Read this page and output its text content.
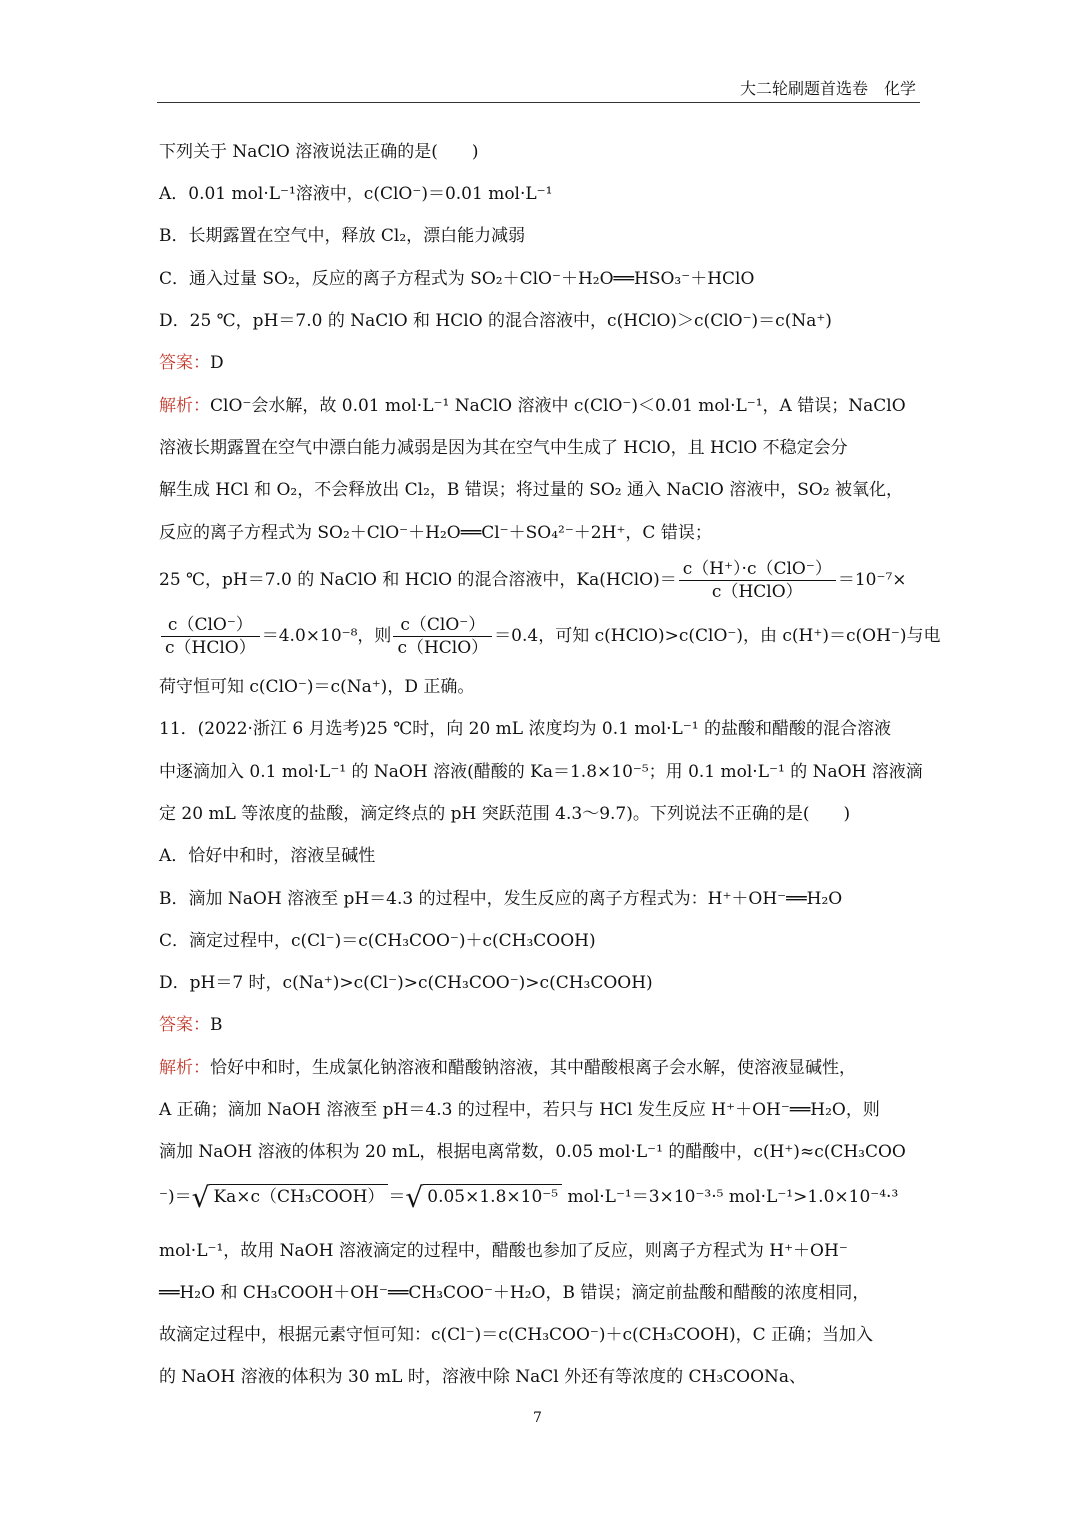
大二轮刷题首选卷　化学
下列关于 NaClO 溶液说法正确的是(　　)
A．0.01 mol·L⁻¹溶液中，c(ClO⁻)＝0.01 mol·L⁻¹
B．长期露置在空气中，释放 Cl₂，漂白能力减弱
C．通入过量 SO₂，反应的离子方程式为 SO₂＋ClO⁻＋H₂O══HSO₃⁻＋HClO
D．25 ℃，pH＝7.0 的 NaClO 和 HClO 的混合溶液中，c(HClO)＞c(ClO⁻)＝c(Na⁺)
答案：D
解析：ClO⁻会水解，故 0.01 mol·L⁻¹ NaClO 溶液中 c(ClO⁻)＜0.01 mol·L⁻¹，A 错误；NaClO
溶液长期露置在空气中漂白能力减弱是因为其在空气中生成了 HClO，且 HClO 不稳定会分
解生成 HCl 和 O₂，不会释放出 Cl₂，B 错误；将过量的 SO₂ 通入 NaClO 溶液中，SO₂ 被氧化，
反应的离子方程式为 SO₂＋ClO⁻＋H₂O══Cl⁻＋SO₄²⁻＋2H⁺，C 错误；
25 ℃，pH＝7.0 的 NaClO 和 HClO 的混合溶液中，Ka(HClO)＝ $\frac{\text{c（H⁺）·c（ClO⁻）}}{\text{c（HClO）}} =10^{-7}\times$
$\frac{\text{c（ClO⁻）}}{\text{c（HClO）}} =4.0\times 10^{-8}$，则 $\frac{\text{c（ClO⁻）}}{\text{c（HClO）}} =0.4$，可知 c(HClO)>c(ClO⁻)，由 c(H⁺)＝c(OH⁻)与电
荷守恒可知 c(ClO⁻)＝c(Na⁺)，D 正确。
11．(2022·浙江 6 月选考)25 ℃时，向 20 mL 浓度均为 0.1 mol·L⁻¹ 的盐酸和醋酸的混合溶液
中逐滴加入 0.1 mol·L⁻¹ 的 NaOH 溶液(醋酸的 Ka＝1.8×10⁻⁵；用 0.1 mol·L⁻¹ 的 NaOH 溶液滴
定 20 mL 等浓度的盐酸，滴定终点的 pH 突跃范围 4.3～9.7)。下列说法不正确的是(　　)
A．恰好中和时，溶液呈碱性
B．滴加 NaOH 溶液至 pH＝4.3 的过程中，发生反应的离子方程式为：H⁺＋OH⁻══H₂O
C．滴定过程中，c(Cl⁻)＝c(CH₃COO⁻)＋c(CH₃COOH)
D．pH＝7 时，c(Na⁺)>c(Cl⁻)>c(CH₃COO⁻)>c(CH₃COOH)
答案：B
解析：恰好中和时，生成氯化钠溶液和醋酸钠溶液，其中醋酸根离子会水解，使溶液显碱性，
A 正确；滴加 NaOH 溶液至 pH＝4.3 的过程中，若只与 HCl 发生反应 H⁺＋OH⁻══H₂O，则
滴加 NaOH 溶液的体积为 20 mL，根据电离常数，0.05 mol·L⁻¹ 的醋酸中，c(H⁺)≈c(CH₃COO
⁻)＝√ Ka×c（CH₃COOH） ＝√ 0.05×1.8×10⁻⁵ mol·L⁻¹＝3×10⁻³·⁵ mol·L⁻¹>1.0×10⁻⁴·³
mol·L⁻¹，故用 NaOH 溶液滴定的过程中，醋酸也参加了反应，则离子方程式为 H⁺＋OH⁻
══H₂O 和 CH₃COOH＋OH⁻══CH₃COO⁻＋H₂O，B 错误；滴定前盐酸和醋酸的浓度相同，
故滴定过程中，根据元素守恒可知：c(Cl⁻)＝c(CH₃COO⁻)＋c(CH₃COOH)，C 正确；当加入
的 NaOH 溶液的体积为 30 mL 时，溶液中除 NaCl 外还有等浓度的 CH₃COONa、
7
